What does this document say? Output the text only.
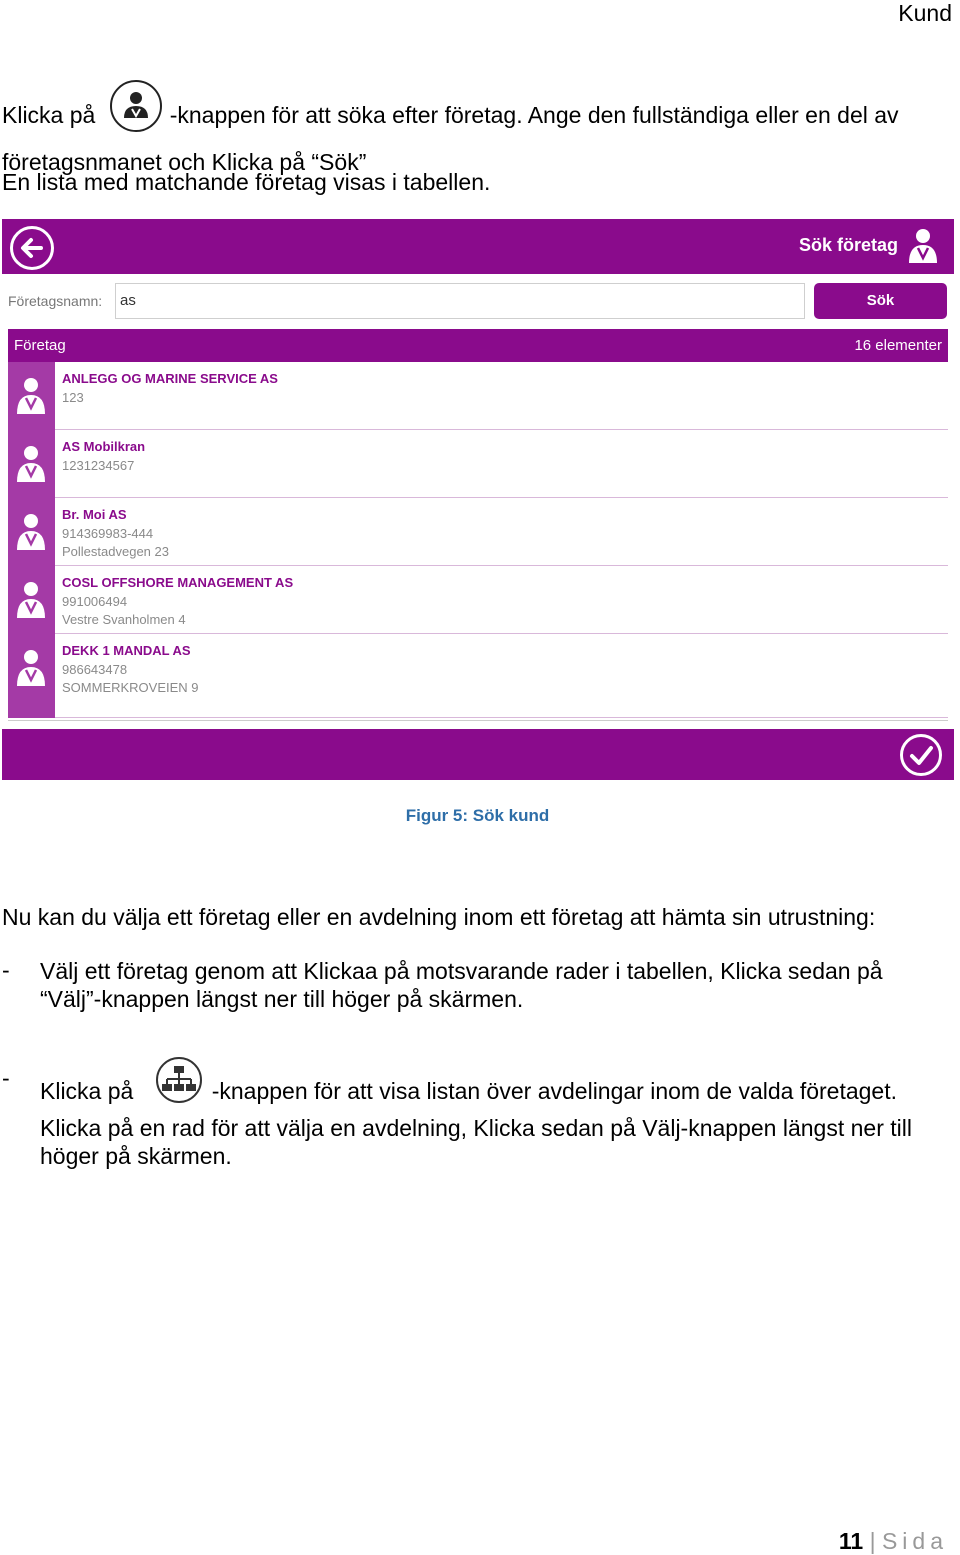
Kund
Klicka på	-knappen för att söka efter företag. Ange den fullständiga eller en del av
företagsnmanet och Klicka på “Sök”
En lista med matchande företag visas i tabellen.
Sök företag
Företagsnamn:	as	Sök
Företag	16 elementer
ANLEGG OG MARINE SERVICE AS
123
AS Mobilkran
1231234567
Br. Moi AS
914369983-444
Pollestadvegen 23
COSL OFFSHORE MANAGEMENT AS
991006494
Vestre Svanholmen 4
DEKK 1 MANDAL AS
986643478
SOMMERKROVEIEN 9
Figur 5: Sök kund
Nu kan du välja ett företag eller en avdelning inom ett företag att hämta sin utrustning:
- Välj ett företag genom att Klickaa på motsvarande rader i tabellen, Klicka sedan på
“Välj”-knappen längst ner till höger på skärmen.
-
Klicka på	-knappen för att visa listan över avdelingar inom de valda företaget.
Klicka på en rad för att välja en avdelning, Klicka sedan på Välj-knappen längst ner till
höger på skärmen.
11 | Sida
